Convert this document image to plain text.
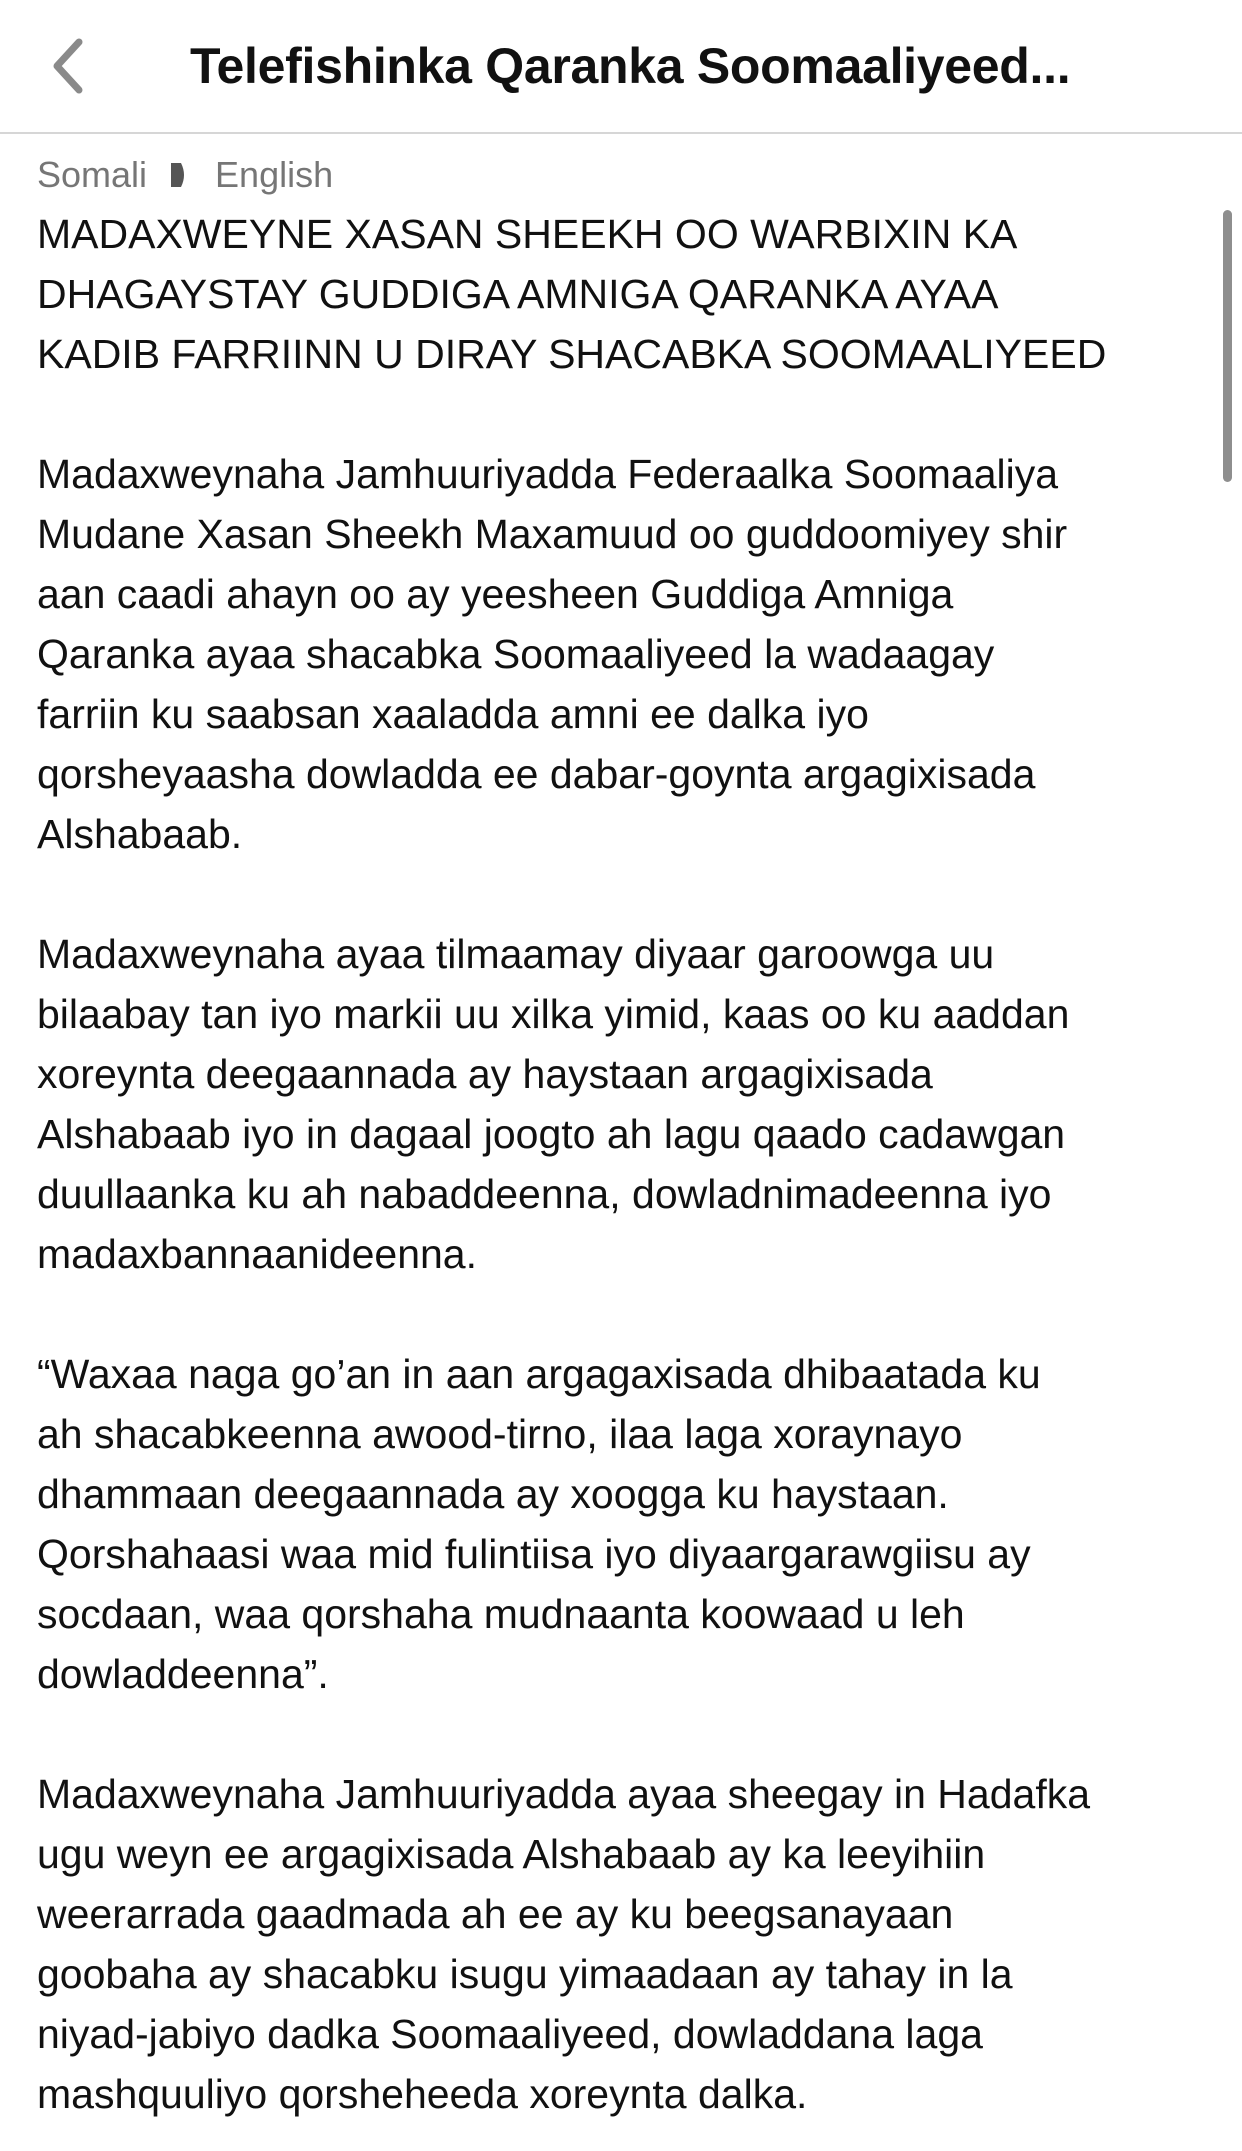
Telefishinka Qaranka Soomaaliyeed...
Somali English
MADAXWEYNE XASAN SHEEKH OO WARBIXIN KA
DHAGAYSTAY GUDDIGA AMNIGA QARANKA AYAA
KADIB FARRIINN U DIRAY SHACABKA SOOMAALIYEED
Madaxweynaha Jamhuuriyadda Federaalka Soomaaliya
Mudane Xasan Sheekh Maxamuud oo guddoomiyey shir
aan caadi ahayn oo ay yeesheen Guddiga Amniga
Qaranka ayaa shacabka Soomaaliyeed la wadaagay
farriin ku saabsan xaaladda amni ee dalka iyo
qorsheyaasha dowladda ee dabar-goynta argagixisada
Alshabaab.
Madaxweynaha ayaa tilmaamay diyaar garoowga uu
bilaabay tan iyo markii uu xilka yimid, kaas oo ku aaddan
xoreynta deegaannada ay haystaan argagixisada
Alshabaab iyo in dagaal joogto ah lagu qaado cadawgan
duullaanka ku ah nabaddeenna, dowladnimadeenna iyo
madaxbannaanideenna.
“Waxaa naga go’an in aan argagaxisada dhibaatada ku
ah shacabkeenna awood-tirno, ilaa laga xoraynayo
dhammaan deegaannada ay xoogga ku haystaan.
Qorshahaasi waa mid fulintiisa iyo diyaargarawgiisu ay
socdaan, waa qorshaha mudnaanta koowaad u leh
dowladdeenna”.
Madaxweynaha Jamhuuriyadda ayaa sheegay in Hadafka
ugu weyn ee argagixisada Alshabaab ay ka leeyihiin
weerarrada gaadmada ah ee ay ku beegsanayaan
goobaha ay shacabku isugu yimaadaan ay tahay in la
niyad-jabiyo dadka Soomaaliyeed, dowladdana laga
mashquuliyo qorsheheeda xoreynta dalka.
